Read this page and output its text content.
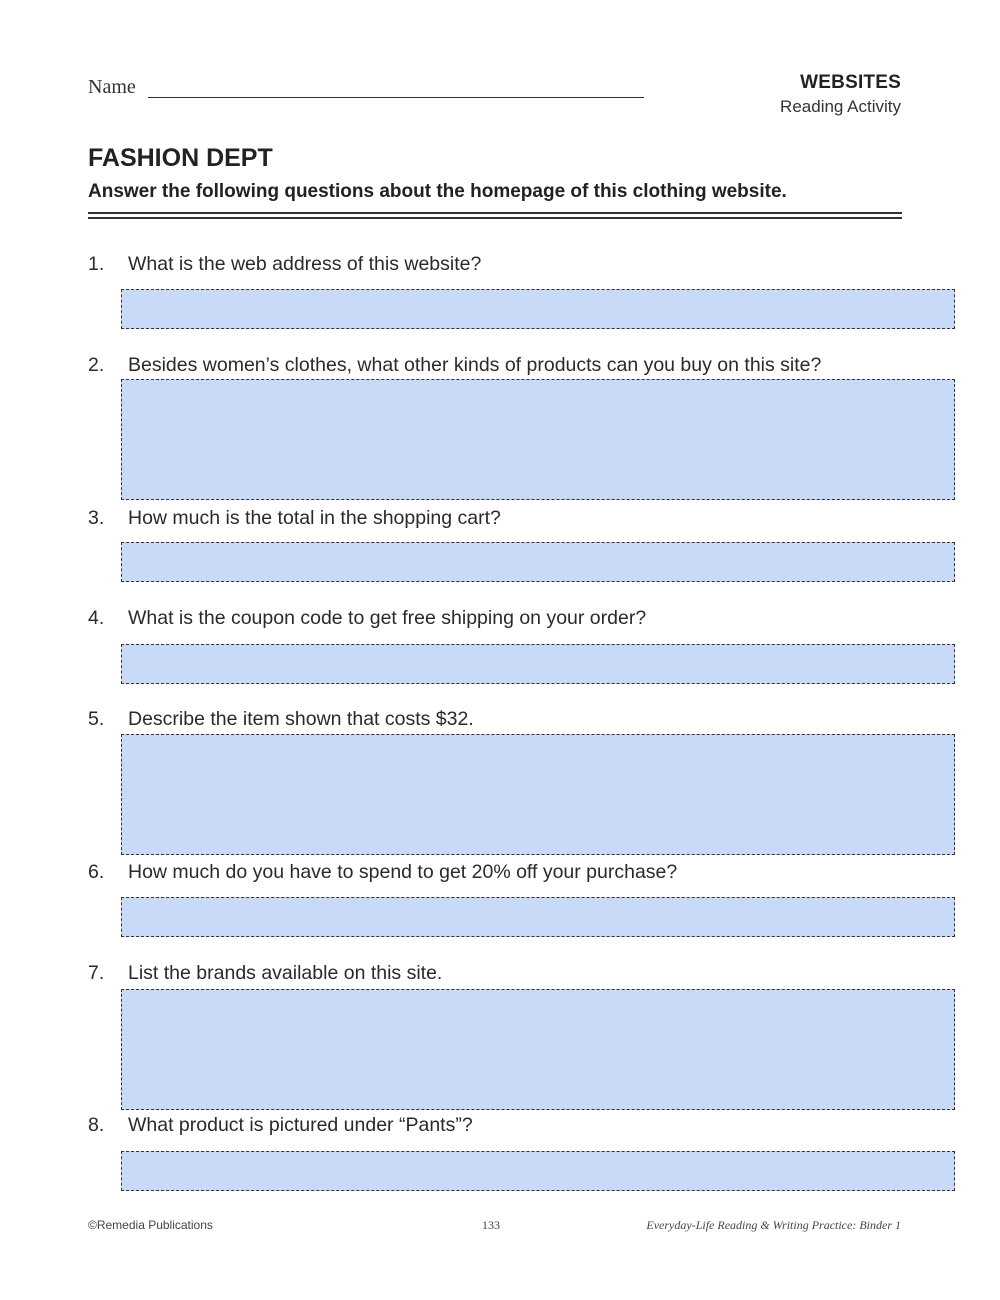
Name	WEBSITES
Reading Activity
FASHION DEPT
Answer the following questions about the homepage of this clothing website.
1. What is the web address of this website?
2. Besides women’s clothes, what other kinds of products can you buy on this site?
3. How much is the total in the shopping cart?
4. What is the coupon code to get free shipping on your order?
5. Describe the item shown that costs $32.
6. How much do you have to spend to get 20% off your purchase?
7. List the brands available on this site.
8. What product is pictured under “Pants”?
©Remedia Publications	133	Everyday-Life Reading & Writing Practice: Binder 1
